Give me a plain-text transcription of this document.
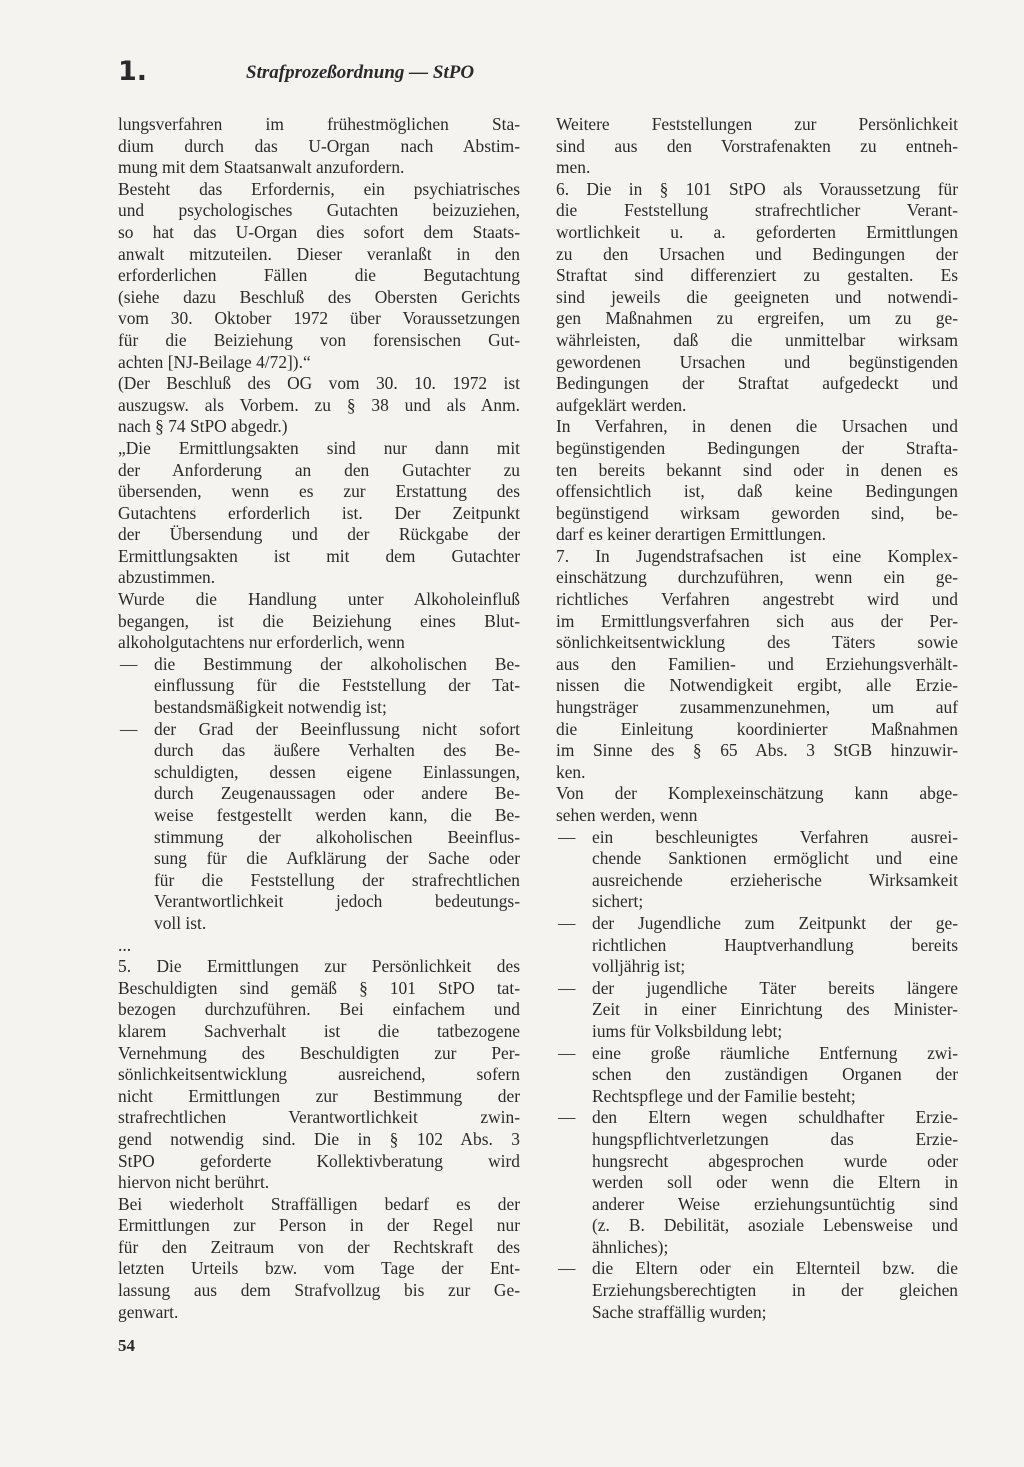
1.	Strafprozeßordnung — StPO
lungsverfahren im frühestmöglichen Sta-
dium durch das U-Organ nach Abstim-
mung mit dem Staatsanwalt anzufordern.
Besteht das Erfordernis, ein psychiatrisches
und psychologisches Gutachten beizuziehen,
so hat das U-Organ dies sofort dem Staats-
anwalt mitzuteilen. Dieser veranlaßt in den
erforderlichen Fällen die Begutachtung
(siehe dazu Beschluß des Obersten Gerichts
vom 30. Oktober 1972 über Voraussetzungen
für die Beiziehung von forensischen Gut-
achten [NJ-Beilage 4/72]).“
(Der Beschluß des OG vom 30. 10. 1972 ist
auszugsw. als Vorbem. zu § 38 und als Anm.
nach § 74 StPO abgedr.)
„Die Ermittlungsakten sind nur dann mit
der Anforderung an den Gutachter zu
übersenden, wenn es zur Erstattung des
Gutachtens erforderlich ist. Der Zeitpunkt
der Übersendung und der Rückgabe der
Ermittlungsakten ist mit dem Gutachter
abzustimmen.
Wurde die Handlung unter Alkoholeinfluß
begangen, ist die Beiziehung eines Blut-
alkoholgutachtens nur erforderlich, wenn
— die Bestimmung der alkoholischen Be-
einflussung für die Feststellung der Tat-
bestandsmäßigkeit notwendig ist;
— der Grad der Beeinflussung nicht sofort
durch das äußere Verhalten des Be-
schuldigten, dessen eigene Einlassungen,
durch Zeugenaussagen oder andere Be-
weise festgestellt werden kann, die Be-
stimmung der alkoholischen Beeinflus-
sung für die Aufklärung der Sache oder
für die Feststellung der strafrechtlichen
Verantwortlichkeit jedoch bedeutungs-
voll ist.
...
5. Die Ermittlungen zur Persönlichkeit des
Beschuldigten sind gemäß § 101 StPO tat-
bezogen durchzuführen. Bei einfachem und
klarem Sachverhalt ist die tatbezogene
Vernehmung des Beschuldigten zur Per-
sönlichkeitsentwicklung ausreichend, sofern
nicht Ermittlungen zur Bestimmung der
strafrechtlichen Verantwortlichkeit zwin-
gend notwendig sind. Die in § 102 Abs. 3
StPO geforderte Kollektivberatung wird
hiervon nicht berührt.
Bei wiederholt Straffälligen bedarf es der
Ermittlungen zur Person in der Regel nur
für den Zeitraum von der Rechtskraft des
letzten Urteils bzw. vom Tage der Ent-
lassung aus dem Strafvollzug bis zur Ge-
genwart.
Weitere Feststellungen zur Persönlichkeit
sind aus den Vorstrafenakten zu entneh-
men.
6. Die in § 101 StPO als Voraussetzung für
die Feststellung strafrechtlicher Verant-
wortlichkeit u. a. geforderten Ermittlungen
zu den Ursachen und Bedingungen der
Straftat sind differenziert zu gestalten. Es
sind jeweils die geeigneten und notwendi-
gen Maßnahmen zu ergreifen, um zu ge-
währleisten, daß die unmittelbar wirksam
gewordenen Ursachen und begünstigenden
Bedingungen der Straftat aufgedeckt und
aufgeklärt werden.
In Verfahren, in denen die Ursachen und
begünstigenden Bedingungen der Strafta-
ten bereits bekannt sind oder in denen es
offensichtlich ist, daß keine Bedingungen
begünstigend wirksam geworden sind, be-
darf es keiner derartigen Ermittlungen.
7. In Jugendstrafsachen ist eine Komplex-
einschätzung durchzuführen, wenn ein ge-
richtliches Verfahren angestrebt wird und
im Ermittlungsverfahren sich aus der Per-
sönlichkeitsentwicklung des Täters sowie
aus den Familien- und Erziehungsverhält-
nissen die Notwendigkeit ergibt, alle Erzie-
hungsträger zusammenzunehmen, um auf
die Einleitung koordinierter Maßnahmen
im Sinne des § 65 Abs. 3 StGB hinzuwir-
ken.
Von der Komplexeinschätzung kann abge-
sehen werden, wenn
— ein beschleunigtes Verfahren ausrei-
chende Sanktionen ermöglicht und eine
ausreichende erzieherische Wirksamkeit
sichert;
— der Jugendliche zum Zeitpunkt der ge-
richtlichen Hauptverhandlung bereits
volljährig ist;
— der jugendliche Täter bereits längere
Zeit in einer Einrichtung des Minister-
iums für Volksbildung lebt;
— eine große räumliche Entfernung zwi-
schen den zuständigen Organen der
Rechtspflege und der Familie besteht;
— den Eltern wegen schuldhafter Erzie-
hungspflichtverletzungen das Erzie-
hungsrecht abgesprochen wurde oder
werden soll oder wenn die Eltern in
anderer Weise erziehungsuntüchtig sind
(z. B. Debilität, asoziale Lebensweise und
ähnliches);
— die Eltern oder ein Elternteil bzw. die
Erziehungsberechtigten in der gleichen
Sache straffällig wurden;
54
